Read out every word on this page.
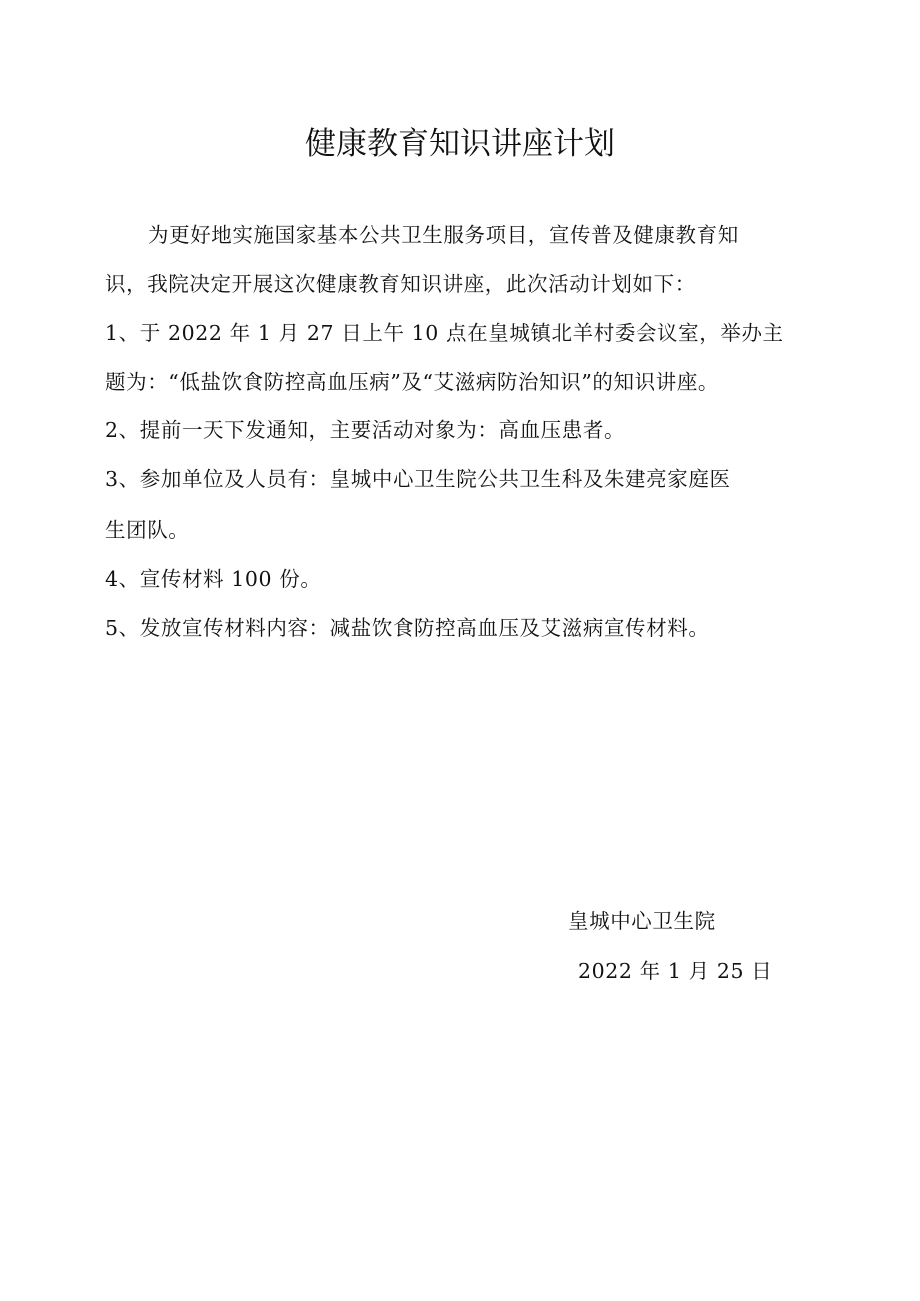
健康教育知识讲座计划
为更好地实施国家基本公共卫生服务项目，宣传普及健康教育知
识，我院决定开展这次健康教育知识讲座，此次活动计划如下：
1、于 2022 年 1 月 27 日上午 10 点在皇城镇北羊村委会议室，举办主
题为：“低盐饮食防控高血压病”及“艾滋病防治知识”的知识讲座。
2、提前一天下发通知，主要活动对象为：高血压患者。
3、参加单位及人员有：皇城中心卫生院公共卫生科及朱建亮家庭医
生团队。
4、宣传材料 100 份。
5、发放宣传材料内容：减盐饮食防控高血压及艾滋病宣传材料。
皇城中心卫生院
2022 年 1 月 25 日
